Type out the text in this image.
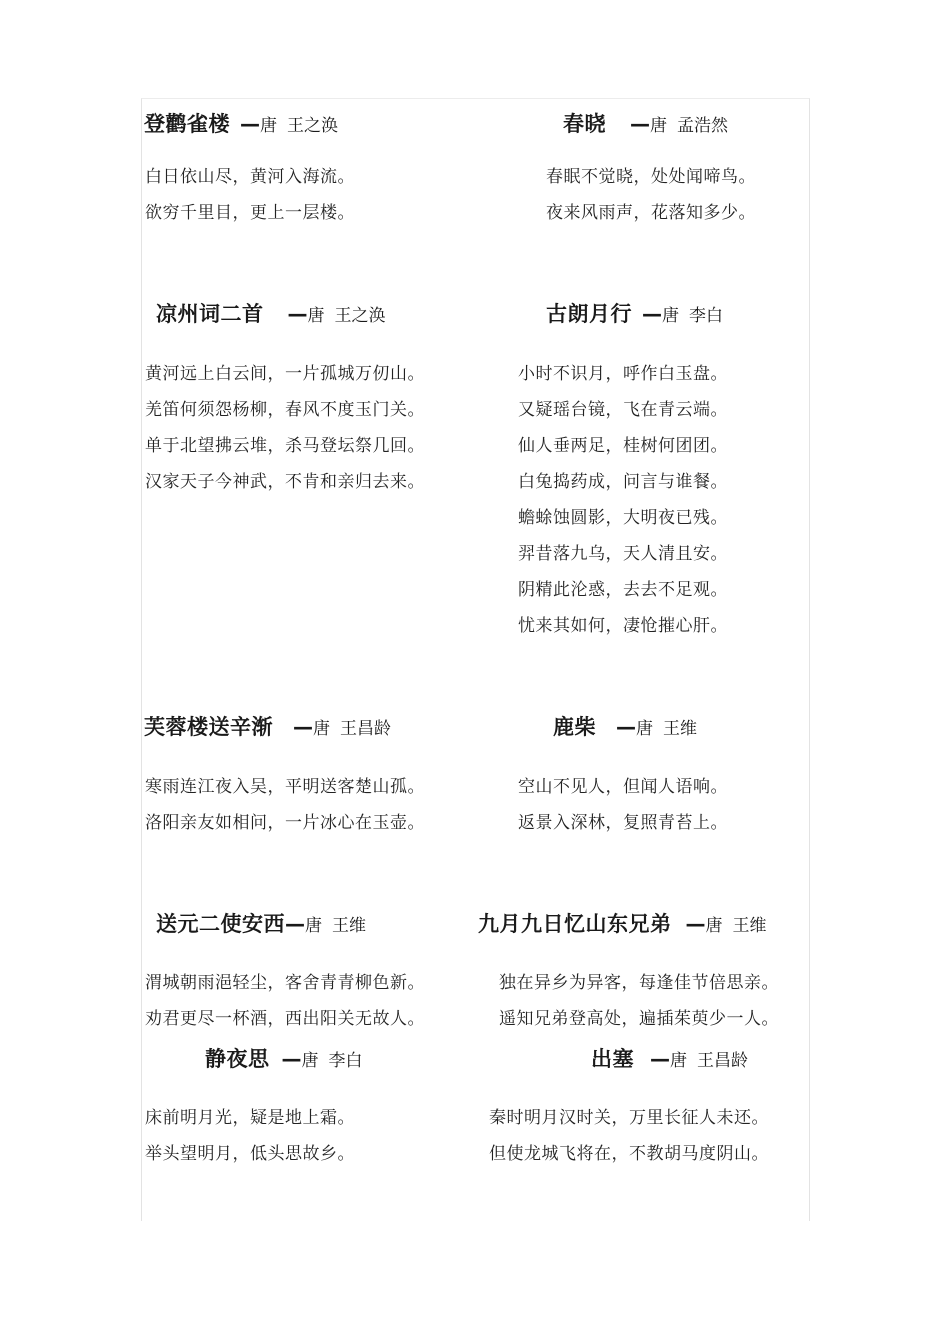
登鹳雀楼 —唐 王之涣
白日依山尽，黄河入海流。
欲穷千里目，更上一层楼。
春晓 —唐 孟浩然
春眠不觉晓，处处闻啼鸟。
夜来风雨声，花落知多少。
凉州词二首 —唐 王之涣
黄河远上白云间，一片孤城万仞山。
羌笛何须怨杨柳，春风不度玉门关。
单于北望拂云堆，杀马登坛祭几回。
汉家天子今神武，不肯和亲归去来。
古朗月行 —唐 李白
小时不识月，呼作白玉盘。
又疑瑶台镜，飞在青云端。
仙人垂两足，桂树何团团。
白兔捣药成，问言与谁餐。
蟾蜍蚀圆影，大明夜已残。
羿昔落九乌，天人清且安。
阴精此沦惑，去去不足观。
忧来其如何，凄怆摧心肝。
芙蓉楼送辛渐 —唐 王昌龄
寒雨连江夜入吴，平明送客楚山孤。
洛阳亲友如相问，一片冰心在玉壶。
鹿柴 —唐 王维
空山不见人，但闻人语响。
返景入深林，复照青苔上。
送元二使安西—唐 王维
渭城朝雨浥轻尘，客舍青青柳色新。
劝君更尽一杯酒，西出阳关无故人。
九月九日忆山东兄弟 —唐 王维
独在异乡为异客，每逢佳节倍思亲。
遥知兄弟登高处，遍插茱萸少一人。
静夜思 —唐 李白
床前明月光，疑是地上霜。
举头望明月，低头思故乡。
出塞 —唐 王昌龄
秦时明月汉时关，万里长征人未还。
但使龙城飞将在，不教胡马度阴山。
